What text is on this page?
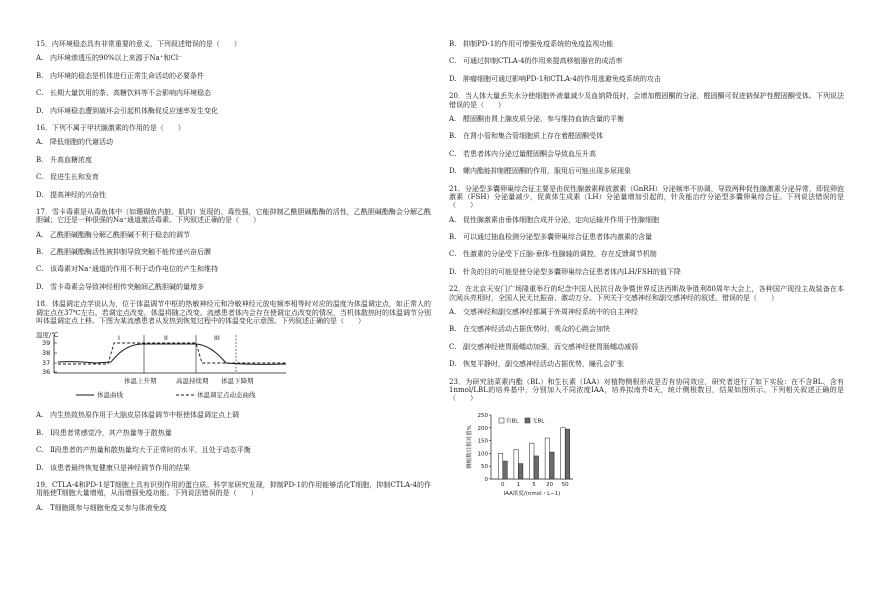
15．内环境稳态具有非常重要的意义，下列叙述错误的是（　　）

A. 内环境渗透压的90%以上来源于Na⁺和Cl⁻

B. 内环境的稳态是机体进行正常生命活动的必要条件

C. 长期大量饮用的茶、高糖饮料等不会影响内环境稳态

D. 内环境稳态遭到破坏会引起机体酶促反应速率发生变化

16．下列不属于甲状腺激素的作用的是（　　）

A. 降低细胞的代谢活动

B. 升高血糖浓度

C. 促进生长和发育

D. 提高神经的兴奋性

17．雪卡毒素是从毒鱼体中（如珊瑚鱼内脏、肌肉）发现的、毒性强，它能抑制乙酰胆碱酯酶的活性，乙酰胆碱酯酶会分解乙酰胆碱；它还是一种很强的Na⁺通道激活毒素。下列叙述正确的是（　　）

A. 乙酰胆碱酯酶分解乙酰胆碱不利于稳态的调节

B. 乙酰胆碱酯酶活性被抑制导致突触不能传递兴奋后膜

C. 该毒素对Na⁺通道的作用不利于动作电位的产生和维持

D. 雪卡毒素会导致神经相传突触间乙酰胆碱的量增多

18．体温调定点学说认为，位于体温调节中枢的热敏神经元和冷敏神经元放电频率相等时对应的温度为体温调定点，如正常人的调定点在37℃左右。若调定点改变，体温将随之改变。流感患者体内会存在使调定点改变的情况，当机体散热时的体温调节分别叫体温调定点上移。下图为某流感患者从发热到恢复过程中的体温变化示意图。下列叙述正确的是（　　）

温度/℃
39
38
37
36
I	II	III
体温上升期	高温持续期 体温下降期
体温曲线	体温调定点动态曲线

A. 内生热致热原作用于大脑皮层体温调节中枢使体温调定点上调

B. Ⅰ段患者常感觉冷，其产热量等于散热量

C. Ⅱ段患者的产热量和散热量均大于正常时的水平，且处于动态平衡

D. 该患者最终恢复健康只是神经调节作用的结果

19．CTLA-4和PD-1是T细胞上具有识别作用的蛋白质。科学家研究发现，抑制PD-1的作用能够活化T细胞，抑制CTLA-4的作用能使T细胞大量增殖，从而增强免疫功能。下列说法错误的是（　　）

A. T细胞既参与细胞免疫又参与体液免疫

B. 抑制PD-1的作用可增强免疫系统的免疫监视功能

C. 可通过抑制CTLA-4的作用来提高移植器官的成活率

D. 肿瘤细胞可通过影响PD-1和CTLA-4的作用逃避免疫系统的攻击

20．当人体大量丢失水分使细胞外液量减少及血钠降低时，会增加醛固酮的分泌，醛固酮可促进钠保护性醛固酮受体。下列说法错误的是（　　）

A. 醛固酮由肾上腺皮质分泌，参与维持血钠含量的平衡

B. 在肾小管和集合管细胞质上存在着醛固酮受体

C. 若患者体内分泌过量醛固酮会导致血压升高

D. 螺内酯能抑制醛固酮的作用，服用后可能出现多尿现象

21．分泌型多囊卵巢综合征主要是由促性腺激素释放激素（GnRH）分泌频率不协调，导致两种促性腺激素分泌异常，即促卵泡激素（FSH）分泌量减少，促黄体生成素（LH）分泌量增加引起的，针灸能治疗分泌型多囊卵巢综合征。下列说法错误的是（　　）

A. 促性腺激素由垂体细胞合成并分泌，定向运输并作用于性腺细胞

B. 可以通过抽血检测分泌型多囊卵巢综合征患者体内激素的含量

C. 性激素的分泌受下丘脑-垂体-性腺轴的调控，存在反馈调节机制

D. 针灸的目的可能是使分泌型多囊卵巢综合征患者体内LH/FSH的值下降

22．在北京天安门广场隆重举行的纪念中国人民抗日战争暨世界反法西斯战争胜利80周年大会上，各种国产现役主战装备在本次阅兵亮相时，全国人民无比振奋、激动万分。下列关于交感神经和副交感神经的叙述，错误的是（　　）

A. 交感神经和副交感神经都属于外周神经系统中的自主神经

B. 在交感神经活动占据优势时，观众的心跳会加快

C. 副交感神经使胃肠蠕动加强，而交感神经使胃肠蠕动减弱

D. 恢复平静时，副交感神经活动占据优势，瞳孔会扩张

23．为研究油菜素内酯（BL）和生长素（IAA）对植物侧根形成是否有协同效应，研究者进行了如下实验：在不含BL、含有1nmol/LBL的培养基中，分别加入不同浓度IAA，培养拟南芥8天，统计侧根数目，结果如图所示。下列相关叙述正确的是（　　）

250
200
150
100
50
0
侧根数目相对值%
0 1 5 20 50
IAA浓度/(nmol・L−1)
有BL 无BL
